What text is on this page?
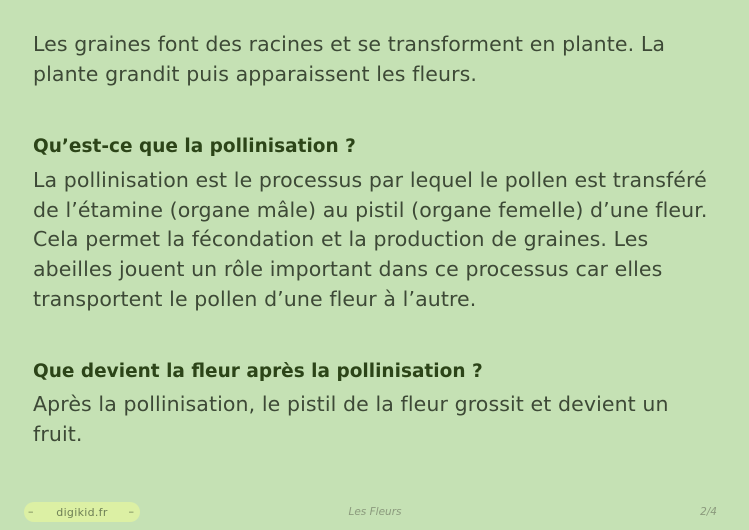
Les graines font des racines et se transforment en plante. La plante grandit puis apparaissent les fleurs.

Qu’est-ce que la pollinisation ?

La pollinisation est le processus par lequel le pollen est transféré de l’étamine (organe mâle) au pistil (organe femelle) d’une fleur. Cela permet la fécondation et la production de graines. Les abeilles jouent un rôle important dans ce processus car elles transportent le pollen d’une fleur à l’autre.

Que devient la fleur après la pollinisation ?

Après la pollinisation, le pistil de la fleur grossit et devient un fruit.

–	digikid.fr	–	Les Fleurs	2/4
